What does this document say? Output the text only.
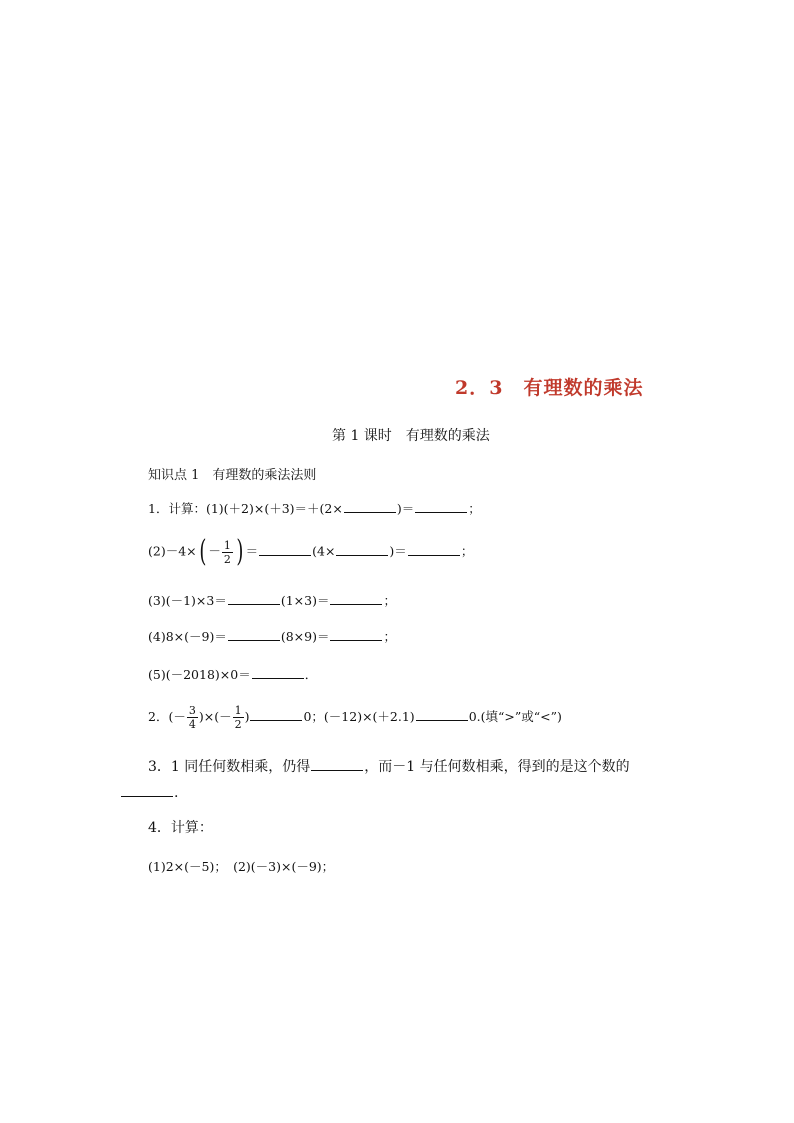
2．3　有理数的乘法
第 1 课时　有理数的乘法
知识点 1　有理数的乘法法则
1．计算：(1)(＋2)×(＋3)＝＋(2×	)＝	；
$(2)-4\times( - \frac{1}{2}$ ) ＝	(4×	)＝	；
(3)(－1)×3＝	(1×3)＝	；
(4)8×(－9)＝	(8×9)＝	；
(5)(－2018)×0＝	．
2．(－ $\frac{3}{4}$ )×(－ $\frac{1}{2}$ )	0；(－12)×(＋2.1)	0.(填“>”或“<”)
3．1 同任何数相乘，仍得	，而－1 与任何数相乘，得到的是这个数的
.
4．计算：
(1)2×(－5)；　(2)(－3)×(－9)；
